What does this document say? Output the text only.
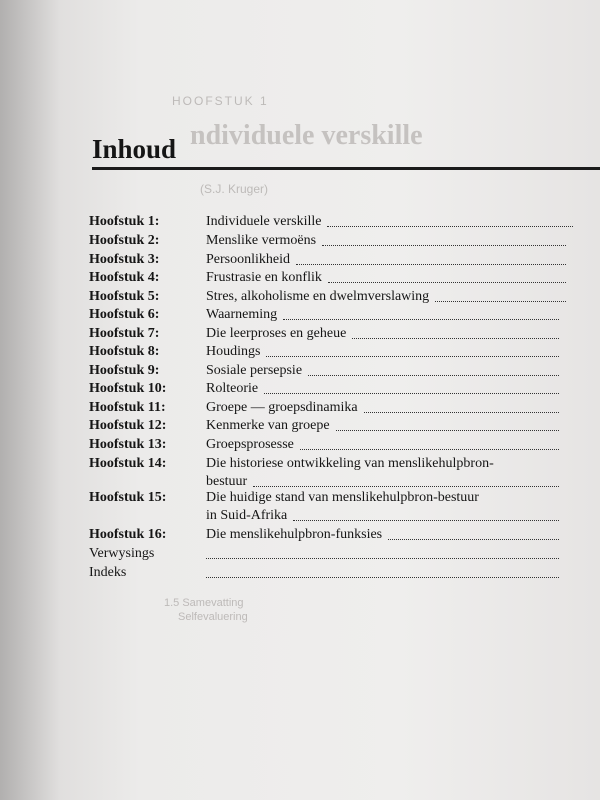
HOOFSTUK 1
ndividuele verskille
(S.J. Kruger)
1.5 Samevatting
Selfevaluering
Inhoud
Hoofstuk 1:	Individuele verskille
Hoofstuk 2:	Menslike vermoëns
Hoofstuk 3:	Persoonlikheid
Hoofstuk 4:	Frustrasie en konflik
Hoofstuk 5:	Stres, alkoholisme en dwelmverslawing
Hoofstuk 6:	Waarneming
Hoofstuk 7:	Die leerproses en geheue
Hoofstuk 8:	Houdings
Hoofstuk 9:	Sosiale persepsie
Hoofstuk 10:	Rolteorie
Hoofstuk 11:	Groepe — groepsdinamika
Hoofstuk 12:	Kenmerke van groepe
Hoofstuk 13:	Groepsprosesse
Hoofstuk 14:	Die historiese ontwikkeling van menslikehulpbron-
bestuur
Hoofstuk 15:	Die huidige stand van menslikehulpbron-bestuur
in Suid-Afrika
Hoofstuk 16:	Die menslikehulpbron-funksies
Verwysings
Indeks
